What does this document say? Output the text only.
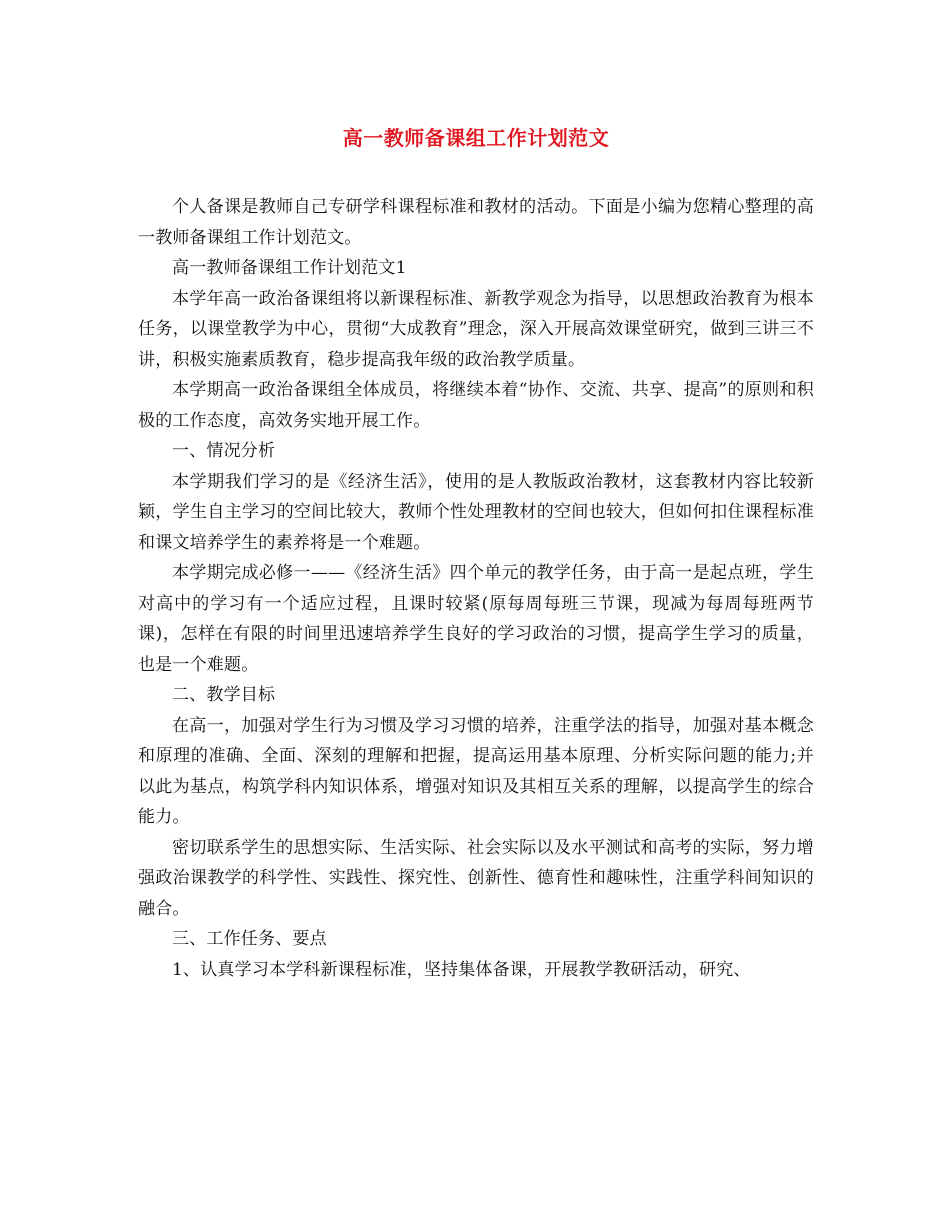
高一教师备课组工作计划范文

个人备课是教师自己专研学科课程标准和教材的活动。下面是小编为您精心整理的高一教师备课组工作计划范文。

高一教师备课组工作计划范文1

本学年高一政治备课组将以新课程标准、新教学观念为指导，以思想政治教育为根本任务，以课堂教学为中心，贯彻“大成教育”理念，深入开展高效课堂研究，做到三讲三不讲，积极实施素质教育，稳步提高我年级的政治教学质量。

本学期高一政治备课组全体成员，将继续本着“协作、交流、共享、提高”的原则和积极的工作态度，高效务实地开展工作。

一、情况分析

本学期我们学习的是《经济生活》，使用的是人教版政治教材，这套教材内容比较新颖，学生自主学习的空间比较大，教师个性处理教材的空间也较大，但如何扣住课程标准和课文培养学生的素养将是一个难题。

本学期完成必修一——《经济生活》四个单元的教学任务，由于高一是起点班，学生对高中的学习有一个适应过程，且课时较紧(原每周每班三节课，现减为每周每班两节课)，怎样在有限的时间里迅速培养学生良好的学习政治的习惯，提高学生学习的质量，也是一个难题。

二、教学目标

在高一，加强对学生行为习惯及学习习惯的培养，注重学法的指导，加强对基本概念和原理的准确、全面、深刻的理解和把握，提高运用基本原理、分析实际问题的能力;并以此为基点，构筑学科内知识体系，增强对知识及其相互关系的理解，以提高学生的综合能力。

密切联系学生的思想实际、生活实际、社会实际以及水平测试和高考的实际，努力增强政治课教学的科学性、实践性、探究性、创新性、德育性和趣味性，注重学科间知识的融合。

三、工作任务、要点

1、认真学习本学科新课程标准，坚持集体备课，开展教学教研活动，研究、
